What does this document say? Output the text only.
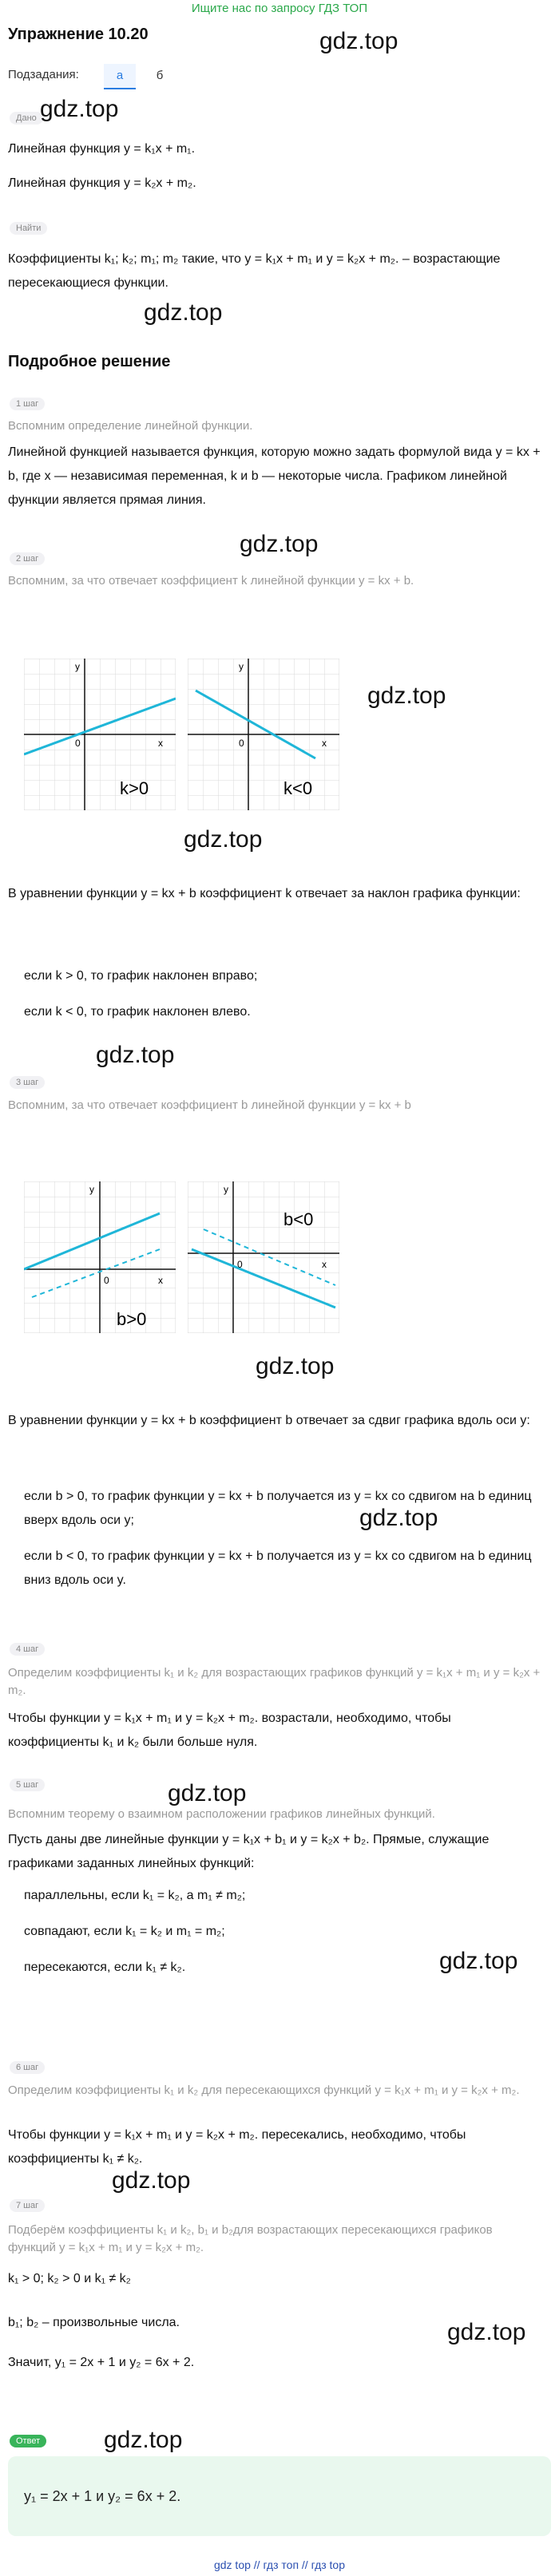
Ищите нас по запросу ГДЗ ТОП
Упражнение 10.20
Подзадания:	а	б
gdz.top
Дано gdz.top
Линейная функция y = k₁x + m₁.
Линейная функция y = k₂x + m₂.
Найти
Коэффициенты k₁; k₂; m₁; m₂ такие, что y = k₁x + m₁ и y = k₂x + m₂. – возрастающие пересекающиеся функции.
gdz.top
Подробное решение
1 шаг
Вспомним определение линейной функции.
Линейной функцией называется функция, которую можно задать формулой вида y = kx + b, где x — независимая переменная, k и b — некоторые числа. Графиком линейной функции является прямая линия.
gdz.top
2 шаг
Вспомним, за что отвечает коэффициент k линейной функции y = kx + b.
x
y
0
k>0
x
y
0
k<0
gdz.top
gdz.top
В уравнении функции y = kx + b коэффициент k отвечает за наклон графика функции:
если k > 0, то график наклонен вправо;
если k < 0, то график наклонен влево.
gdz.top
3 шаг
Вспомним, за что отвечает коэффициент b линейной функции y = kx + b
x
y
0
b>0
x
y
0
b<0
gdz.top
В уравнении функции y = kx + b коэффициент b отвечает за сдвиг графика вдоль оси y:
если b > 0, то график функции y = kx + b получается из y = kx со сдвигом на b единиц вверх вдоль оси y;	gdz.top
если b < 0, то график функции y = kx + b получается из y = kx со сдвигом на b единиц вниз вдоль оси y.
4 шаг
Определим коэффициенты k₁ и k₂ для возрастающих графиков функций y = k₁x + m₁ и y = k₂x + m₂.
Чтобы функции y = k₁x + m₁ и y = k₂x + m₂. возрастали, необходимо, чтобы коэффициенты k₁ и k₂ были больше нуля.
5 шаг	gdz.top
Вспомним теорему о взаимном расположении графиков линейных функций.
Пусть даны две линейные функции y = k₁x + b₁ и y = k₂x + b₂. Прямые, служащие графиками заданных линейных функций:
параллельны, если k₁ = k₂, а m₁ ≠ m₂;
совпадают, если k₁ = k₂ и m₁ = m₂;
gdz.top
пересекаются, если k₁ ≠ k₂.
6 шаг
Определим коэффициенты k₁ и k₂ для пересекающихся функций y = k₁x + m₁ и y = k₂x + m₂.
Чтобы функции y = k₁x + m₁ и y = k₂x + m₂. пересекались, необходимо, чтобы коэффициенты k₁ ≠ k₂.
gdz.top
7 шаг
Подберём коэффициенты k₁ и k₂, b₁ и b₂для возрастающих пересекающихся графиков функций y = k₁x + m₁ и y = k₂x + m₂.
k₁ > 0; k₂ > 0 и k₁ ≠ k₂
b₁; b₂ – произвольные числа.	gdz.top
Значит, y₁ = 2x + 1 и y₂ = 6x + 2.
Ответ	gdz.top
y₁ = 2x + 1 и y₂ = 6x + 2.
gdz top // гдз топ // гдз top
